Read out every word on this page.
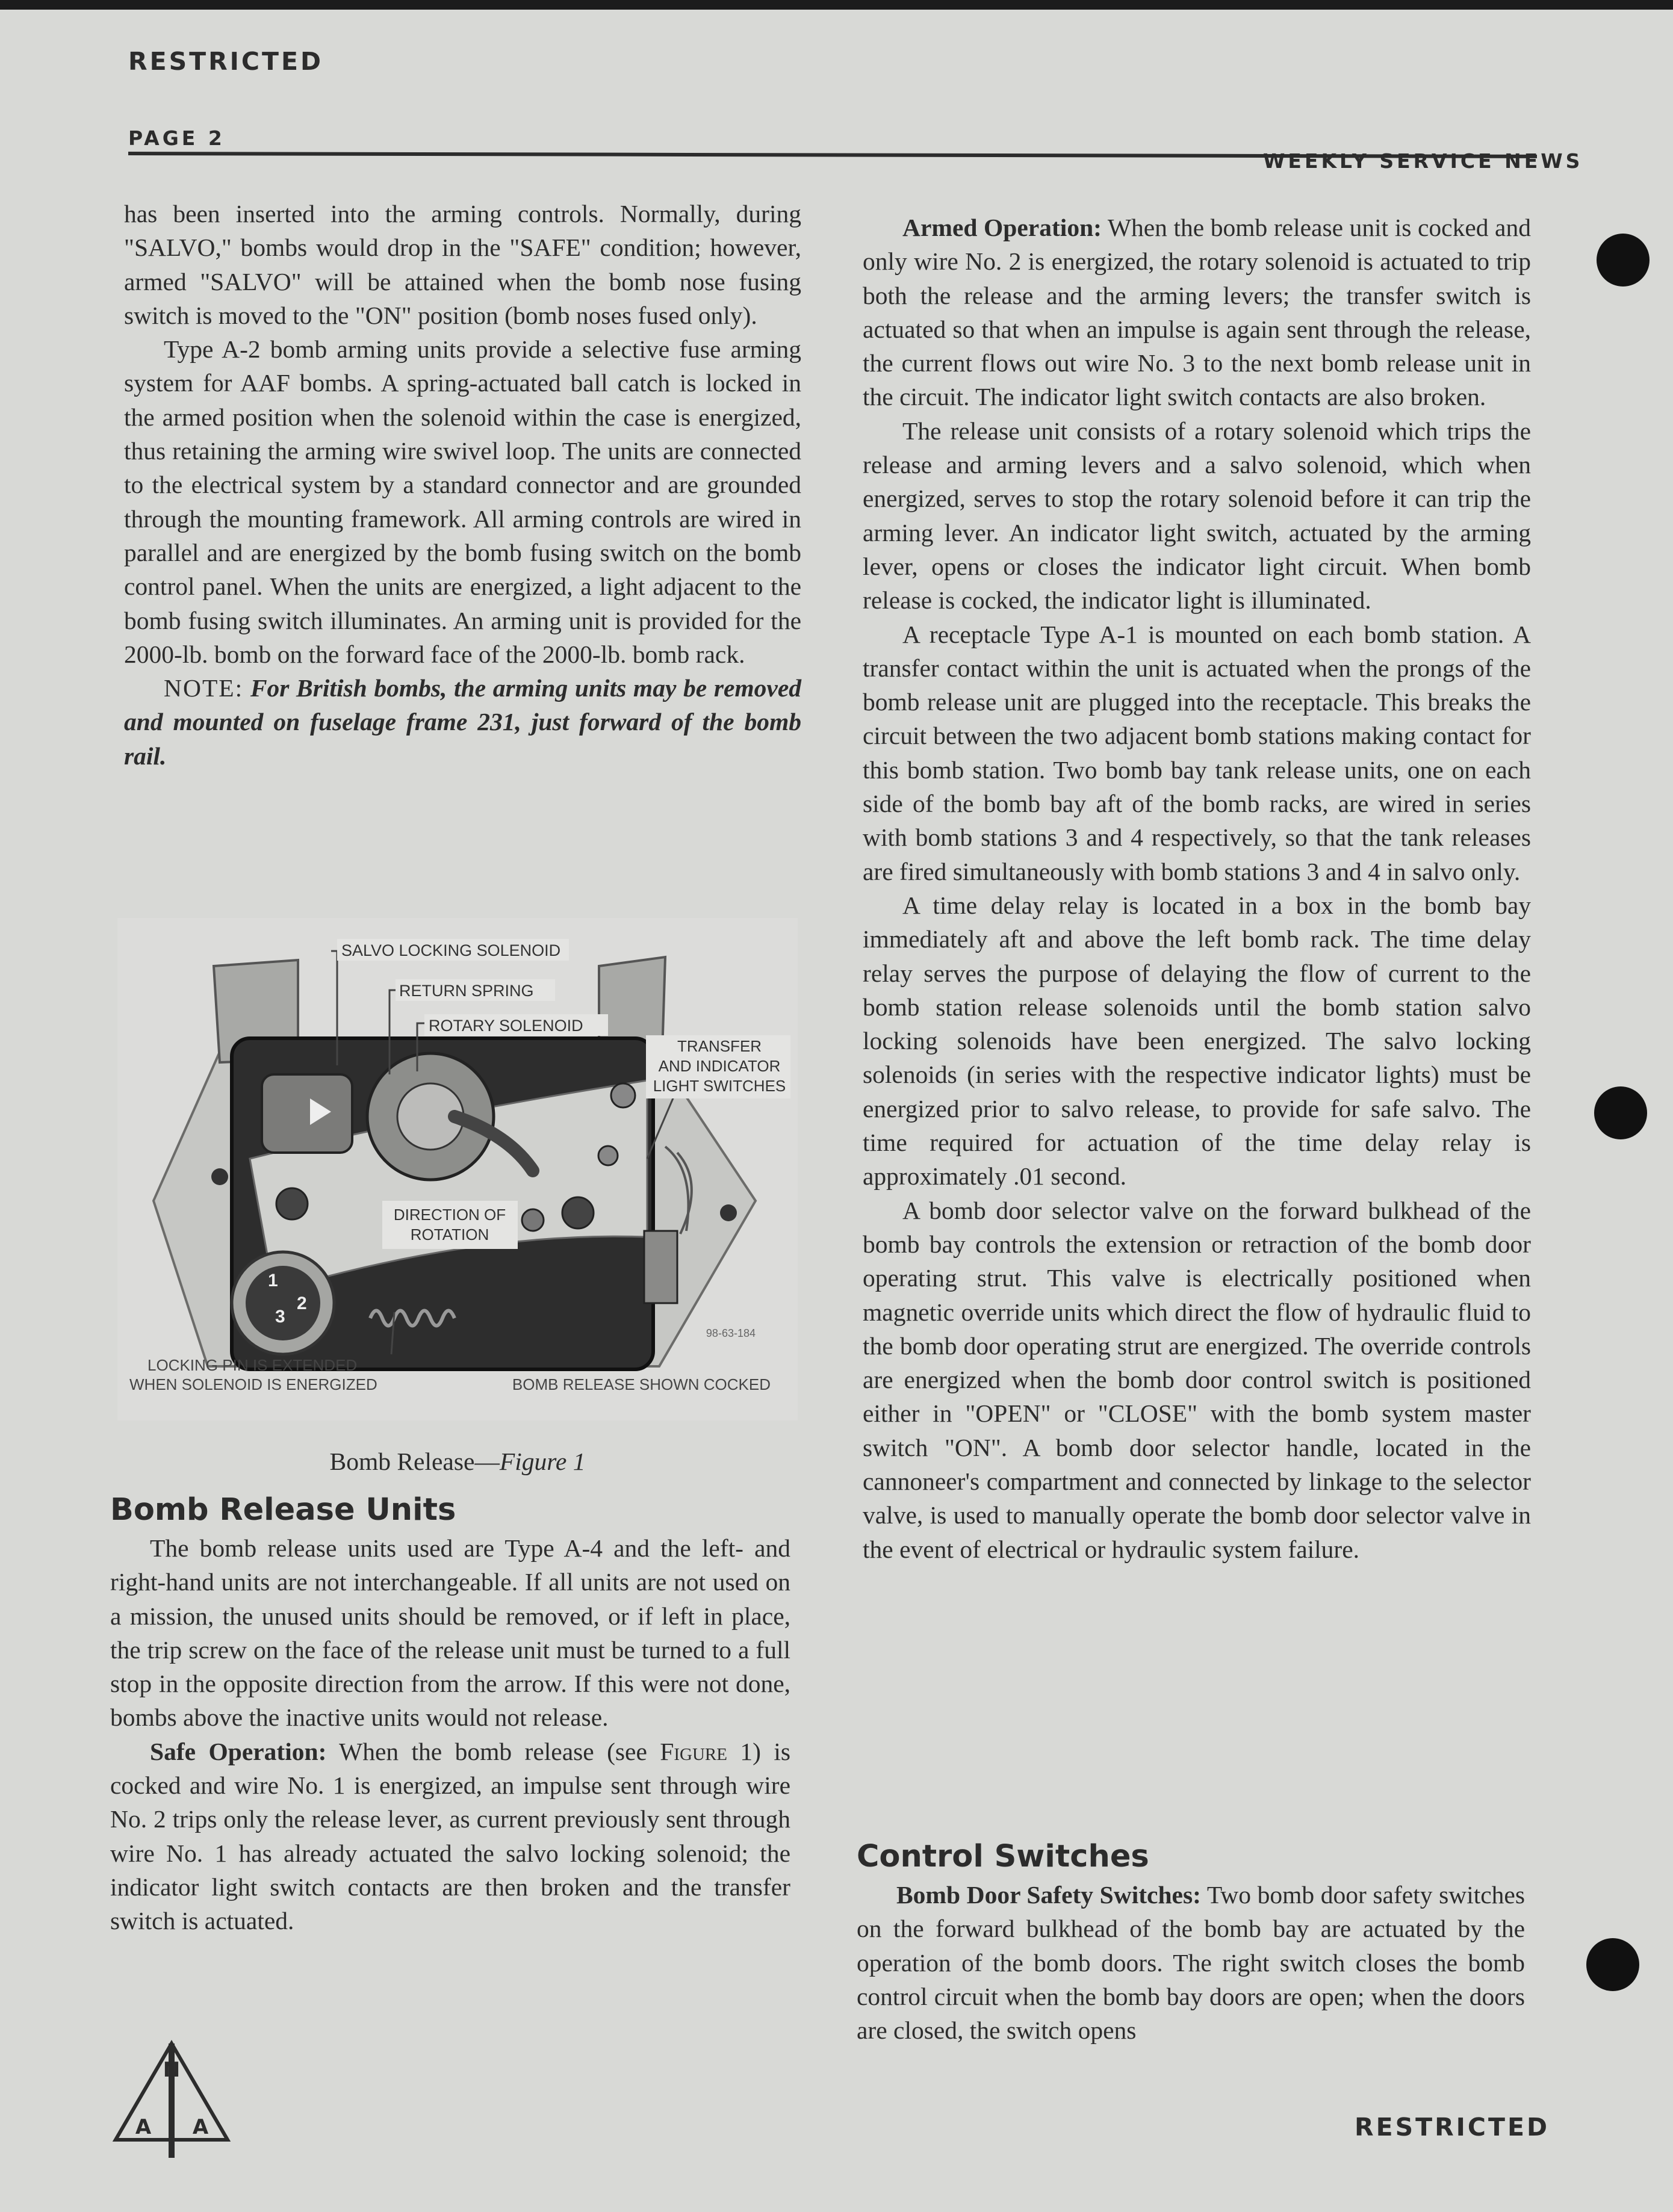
RESTRICTED
PAGE 2
WEEKLY SERVICE NEWS

has been inserted into the arming controls. Normally, during "SALVO," bombs would drop in the "SAFE" condition; however, armed "SALVO" will be attained when the bomb nose fusing switch is moved to the "ON" position (bomb noses fused only).

Type A-2 bomb arming units provide a selective fuse arming system for AAF bombs. A spring-actuated ball catch is locked in the armed position when the solenoid within the case is energized, thus retaining the arming wire swivel loop. The units are connected to the electrical system by a standard connector and are grounded through the mounting framework. All arming controls are wired in parallel and are energized by the bomb fusing switch on the bomb control panel. When the units are energized, a light adjacent to the bomb fusing switch illuminates. An arming unit is provided for the 2000-lb. bomb on the forward face of the 2000-lb. bomb rack.

NOTE: For British bombs, the arming units may be removed and mounted on fuselage frame 231, just forward of the bomb rail.

SALVO LOCKING SOLENOID
RETURN SPRING
ROTARY SOLENOID
TRANSFER
AND INDICATOR
LIGHT SWITCHES
DIRECTION OF
ROTATION
98-63-184
1
2
3
LOCKING PIN IS EXTENDED
WHEN SOLENOID IS ENERGIZED	BOMB RELEASE SHOWN COCKED
Bomb Release—Figure 1
Bomb Release Units

The bomb release units used are Type A-4 and the left- and right-hand units are not interchangeable. If all units are not used on a mission, the unused units should be removed, or if left in place, the trip screw on the face of the release unit must be turned to a full stop in the opposite direction from the arrow. If this were not done, bombs above the inactive units would not release.

Safe Operation: When the bomb release (see Figure 1) is cocked and wire No. 1 is energized, an impulse sent through wire No. 2 trips only the release lever, as current previously sent through wire No. 1 has already actuated the salvo locking solenoid; the indicator light switch contacts are then broken and the transfer switch is actuated.

Armed Operation: When the bomb release unit is cocked and only wire No. 2 is energized, the rotary solenoid is actuated to trip both the release and the arming levers; the transfer switch is actuated so that when an impulse is again sent through the release, the current flows out wire No. 3 to the next bomb release unit in the circuit. The indicator light switch contacts are also broken.

The release unit consists of a rotary solenoid which trips the release and arming levers and a salvo solenoid, which when energized, serves to stop the rotary solenoid before it can trip the arming lever. An indicator light switch, actuated by the arming lever, opens or closes the indicator light circuit. When bomb release is cocked, the indicator light is illuminated.

A receptacle Type A-1 is mounted on each bomb station. A transfer contact within the unit is actuated when the prongs of the bomb release unit are plugged into the receptacle. This breaks the circuit between the two adjacent bomb stations making contact for this bomb station. Two bomb bay tank release units, one on each side of the bomb bay aft of the bomb racks, are wired in series with bomb stations 3 and 4 respectively, so that the tank releases are fired simultaneously with bomb stations 3 and 4 in salvo only.

A time delay relay is located in a box in the bomb bay immediately aft and above the left bomb rack. The time delay relay serves the purpose of delaying the flow of current to the bomb station release solenoids until the bomb station salvo locking solenoids have been energized. The salvo locking solenoids (in series with the respective indicator lights) must be energized prior to salvo release, to provide for safe salvo. The time required for actuation of the time delay relay is approximately .01 second.

A bomb door selector valve on the forward bulkhead of the bomb bay controls the extension or retraction of the bomb door operating strut. This valve is electrically positioned when magnetic override units which direct the flow of hydraulic fluid to the bomb door operating strut are energized. The override controls are energized when the bomb door control switch is positioned either in "OPEN" or "CLOSE" with the bomb system master switch "ON". A bomb door selector handle, located in the cannoneer's compartment and connected by linkage to the selector valve, is used to manually operate the bomb door selector valve in the event of electrical or hydraulic system failure.

Control Switches

Bomb Door Safety Switches: Two bomb door safety switches on the forward bulkhead of the bomb bay are actuated by the operation of the bomb doors. The right switch closes the bomb control circuit when the bomb bay doors are open; when the doors are closed, the switch opens

N
A A	RESTRICTED
